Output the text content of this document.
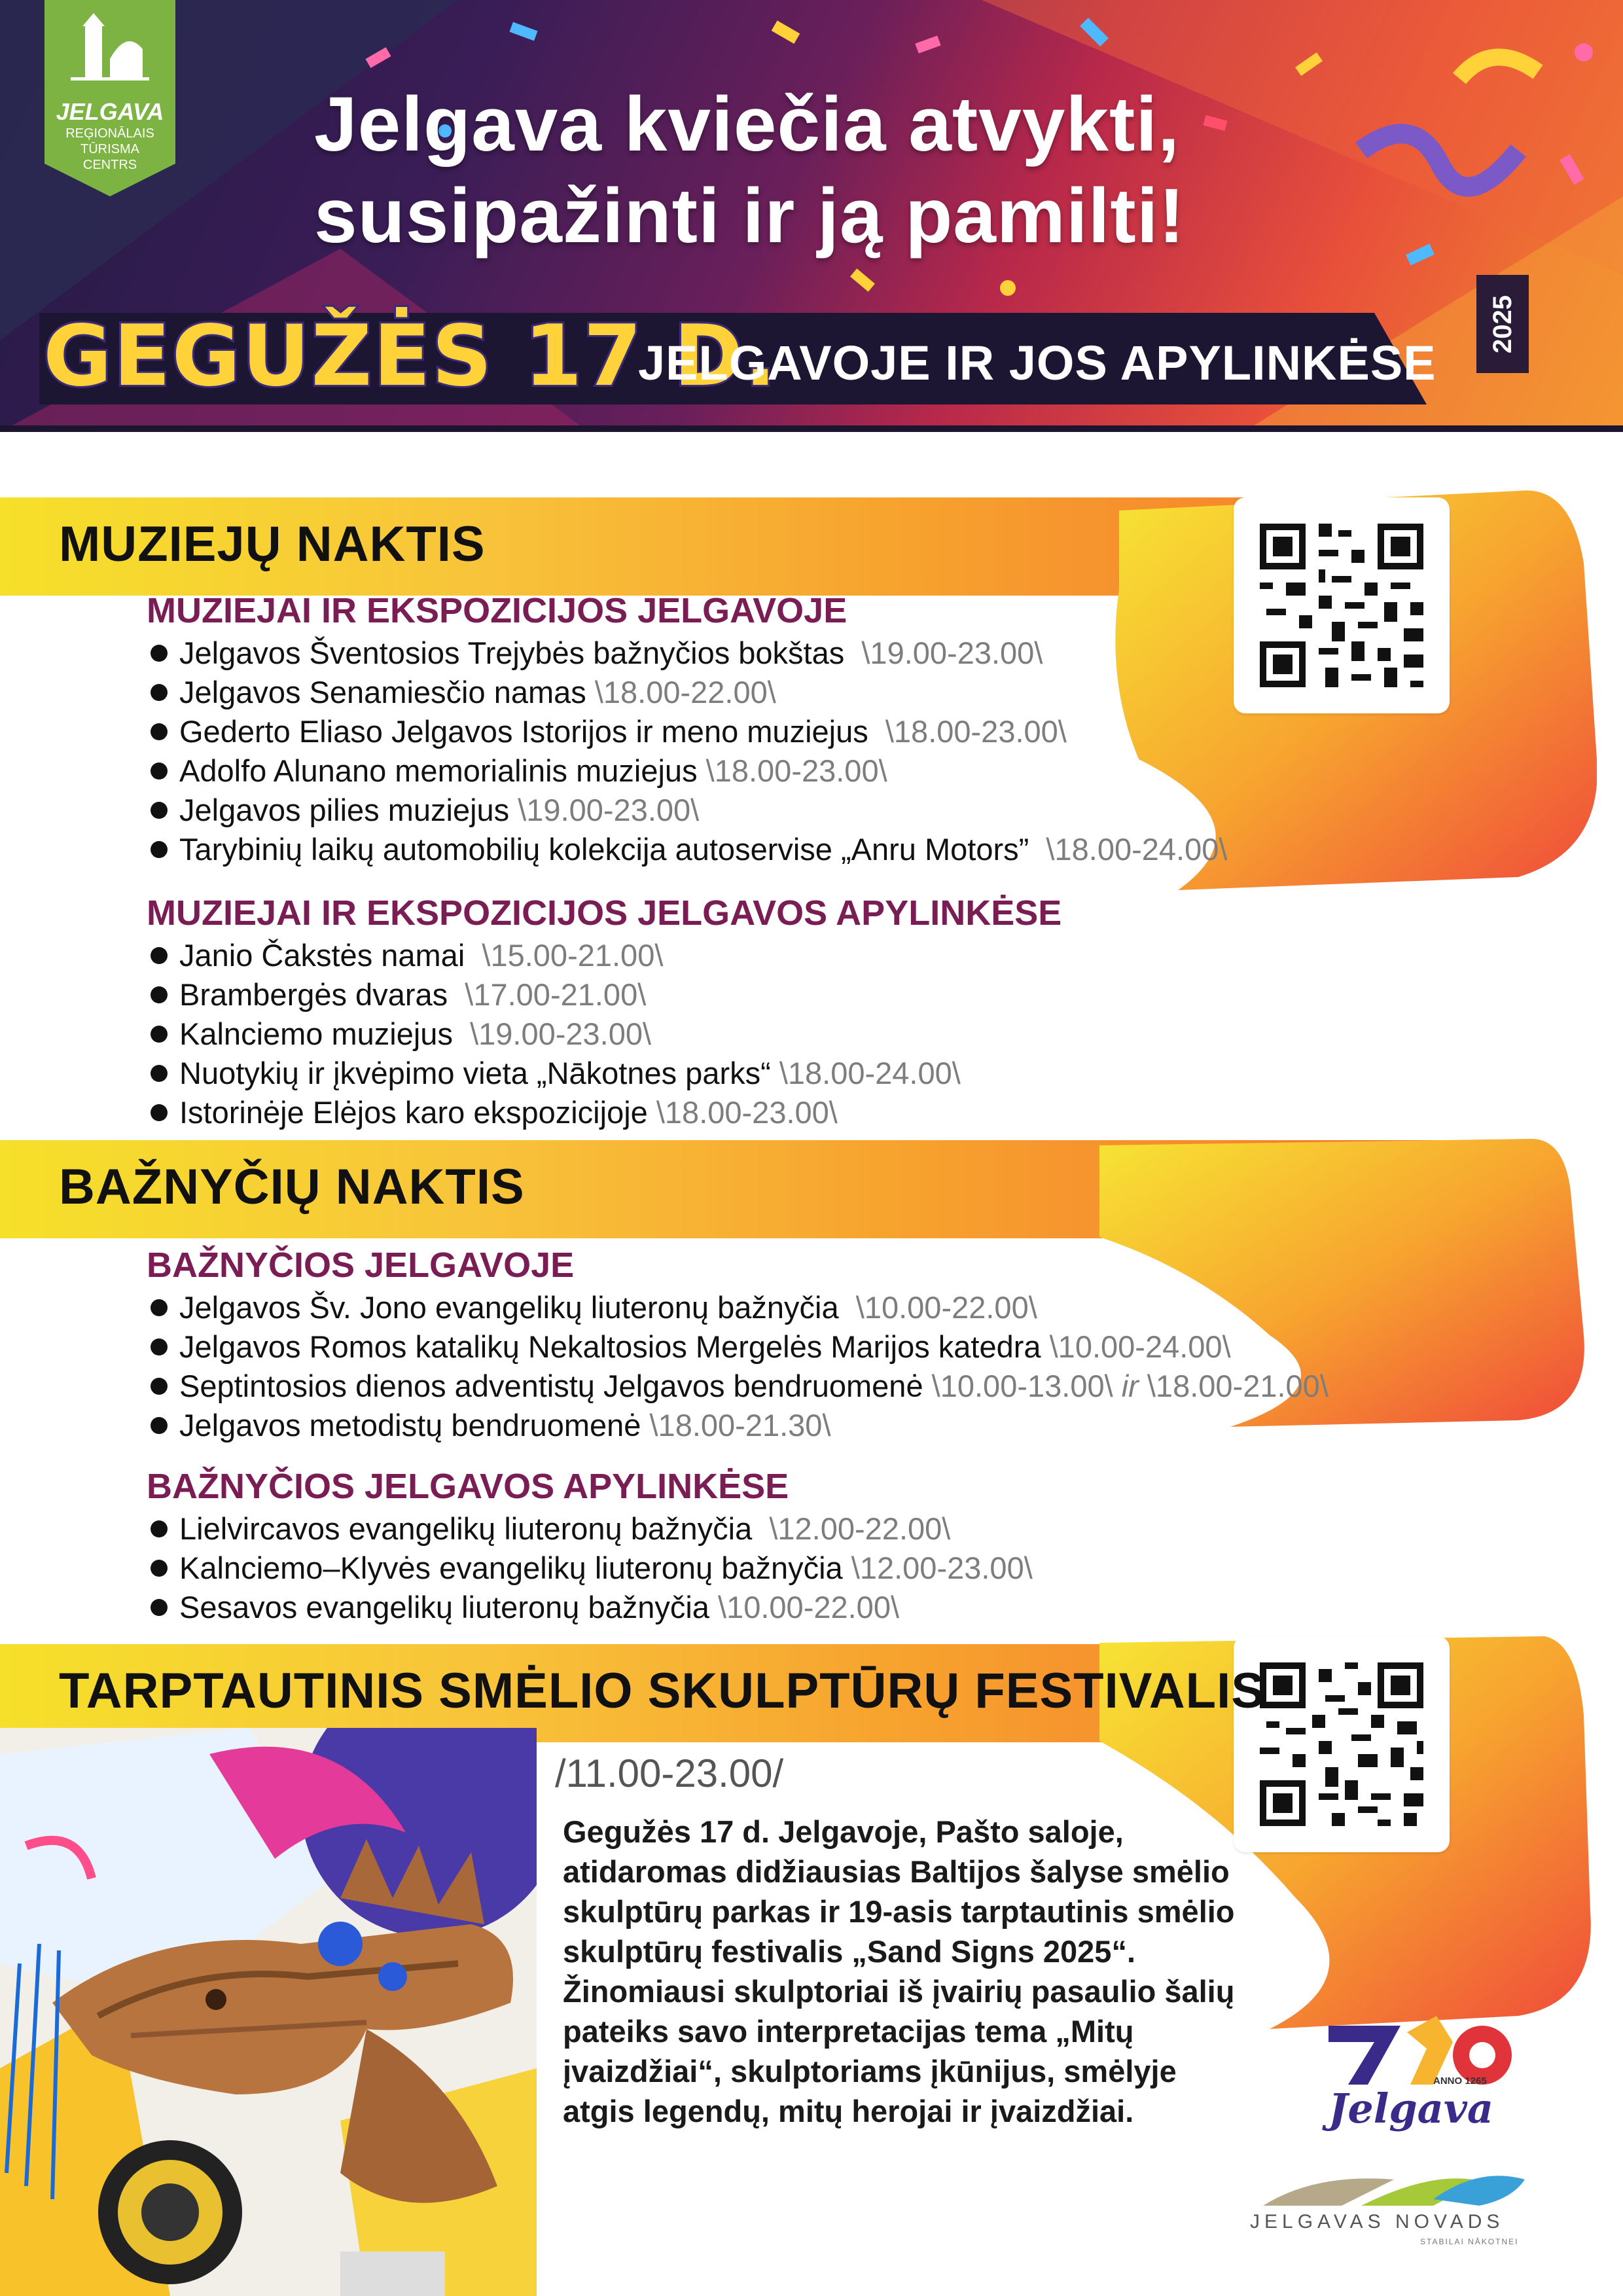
JELGAVA
REĢIONĀLAIS
TŪRISMA
CENTRS	Jelgava kviečia atvykti,
susipažinti ir ją pamilti!
GEGUŽĖS 17 D.
JELGAVOJE IR JOS APYLINKĖSE
2025
MUZIEJŲ NAKTIS
MUZIEJAI IR EKSPOZICIJOS JELGAVOJE
Jelgavos Šventosios Trejybės bažnyčios bokštas \19.00-23.00\
Jelgavos Senamiesčio namas \18.00-22.00\
Gederto Eliaso Jelgavos Istorijos ir meno muziejus \18.00-23.00\
Adolfo Alunano memorialinis muziejus \18.00-23.00\
Jelgavos pilies muziejus \19.00-23.00\
Tarybinių laikų automobilių kolekcija autoservise „Anru Motors” \18.00-24.00\
MUZIEJAI IR EKSPOZICIJOS JELGAVOS APYLINKĖSE
Janio Čakstės namai \15.00-21.00\
Brambergės dvaras \17.00-21.00\
Kalnciemo muziejus \19.00-23.00\
Nuotykių ir įkvėpimo vieta „Nākotnes parks“ \18.00-24.00\
Istorinėje Elėjos karo ekspozicijoje \18.00-23.00\
BAŽNYČIŲ NAKTIS
BAŽNYČIOS JELGAVOJE
Jelgavos Šv. Jono evangelikų liuteronų bažnyčia \10.00-22.00\
Jelgavos Romos katalikų Nekaltosios Mergelės Marijos katedra \10.00-24.00\
Septintosios dienos adventistų Jelgavos bendruomenė \10.00-13.00\ ir \18.00-21.00\
Jelgavos metodistų bendruomenė \18.00-21.30\
BAŽNYČIOS JELGAVOS APYLINKĖSE
Lielvircavos evangelikų liuteronų bažnyčia \12.00-22.00\
Kalnciemo–Klyvės evangelikų liuteronų bažnyčia \12.00-23.00\
Sesavos evangelikų liuteronų bažnyčia \10.00-22.00\
TARPTAUTINIS SMĖLIO SKULPTŪRŲ FESTIVALIS
/11.00-23.00/
Gegužės 17 d. Jelgavoje, Pašto saloje, atidaromas didžiausias Baltijos šalyse smėlio skulptūrų parkas ir 19-asis tarptautinis smėlio skulptūrų festivalis „Sand Signs 2025“. Žinomiausi skulptoriai iš įvairių pasaulio šalių pateiks savo interpretacijas tema „Mitų įvaizdžiai“, skulptoriams įkūnijus, smėlyje atgis legendų, mitų herojai ir įvaizdžiai.
ANNO 1265
Jelgava
JELGAVAS NOVADS
STABILAI NĀKOTNEI
